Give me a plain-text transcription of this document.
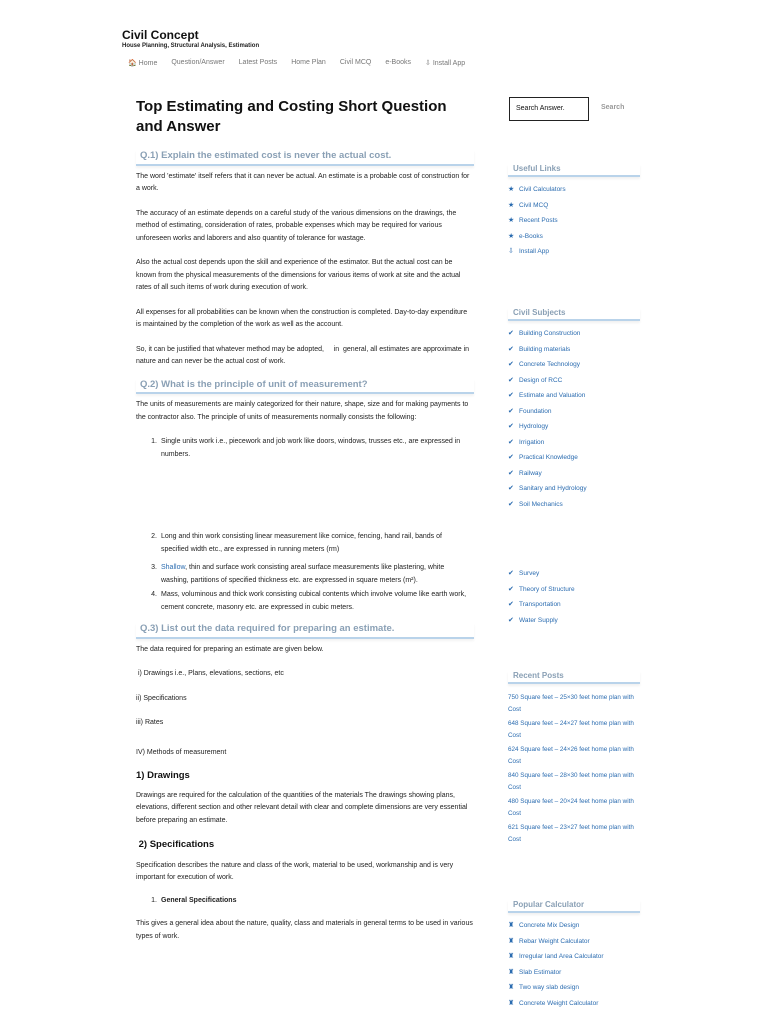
Civil Concept
House Planning, Structural Analysis, Estimation
🏠 Home Question/Answer Latest Posts Home Plan Civil MCQ e-Books ⇩ Install App
Top Estimating and Costing Short Question and Answer
Search Answer.	Search
Q.1) Explain the estimated cost is never the actual cost.

The word 'estimate' itself refers that it can never be actual. An estimate is a probable cost of construction for a work.

The accuracy of an estimate depends on a careful study of the various dimensions on the drawings, the method of estimating, consideration of rates, probable expenses which may be required for various unforeseen works and laborers and also quantity of tolerance for wastage.

Also the actual cost depends upon the skill and experience of the estimator. But the actual cost can be known from the physical measurements of the dimensions for various items of work at site and the actual rates of all such items of work during execution of work.

All expenses for all probabilities can be known when the construction is completed. Day-to-day expenditure is maintained by the completion of the work as well as the account.

So, it can be justified that whatever method may be adopted,     in  general, all estimates are approximate in nature and can never be the actual cost of work.

Q.2) What is the principle of unit of measurement?

The units of measurements are mainly categorized for their nature, shape, size and for making payments to the contractor also. The principle of units of measurements normally consists the following:

1. Single units work i.e., piecework and job work like doors, windows, trusses etc., are expressed in numbers.
2. Long and thin work consisting linear measurement like cornice, fencing, hand rail, bands of specified width etc., are expressed in running meters (rm)
3. Shallow, thin and surface work consisting areal surface measurements like plastering, white washing, partitions of specified thickness etc. are expressed in square meters (m²).
4. Mass, voluminous and thick work consisting cubical contents which involve volume like earth work, cement concrete, masonry etc. are expressed in cubic meters.
Q.3) List out the data required for preparing an estimate.

The data required for preparing an estimate are given below.

i) Drawings i.e., Plans, elevations, sections, etc

ii) Specifications

iii) Rates

IV) Methods of measurement

1) Drawings

Drawings are required for the calculation of the quantities of the materials The drawings showing plans, elevations, different section and other relevant detail with clear and complete dimensions are very essential before preparing an estimate.

2) Specifications

Specification describes the nature and class of the work, material to be used, workmanship and is very important for execution of work.

1. General Specifications

This gives a general idea about the nature, quality, class and materials in general terms to be used in various types of work.

Useful Links
★ Civil Calculators
★ Civil MCQ
★ Recent Posts
★ e-Books
⇩ Install App
Civil Subjects
✔ Building Construction
✔ Building materials
✔ Concrete Technology
✔ Design of RCC
✔ Estimate and Valuation
✔ Foundation
✔ Hydrology
✔ Irrigation
✔ Practical Knowledge
✔ Railway
✔ Sanitary and Hydrology
✔ Soil Mechanics
✔ Survey
✔ Theory of Structure
✔ Transportation
✔ Water Supply
Recent Posts
750 Square feet – 25×30 feet home plan with Cost
648 Square feet – 24×27 feet home plan with Cost
624 Square feet – 24×26 feet home plan with Cost
840 Square feet – 28×30 feet home plan with Cost
480 Square feet – 20×24 feet home plan with Cost
621 Square feet – 23×27 feet home plan with Cost
Popular Calculator
♜ Concrete Mix Design
♜ Rebar Weight Calculator
♜ Irregular land Area Calculator
♜ Slab Estimator
♜ Two way slab design
♜ Concrete Weight Calculator
